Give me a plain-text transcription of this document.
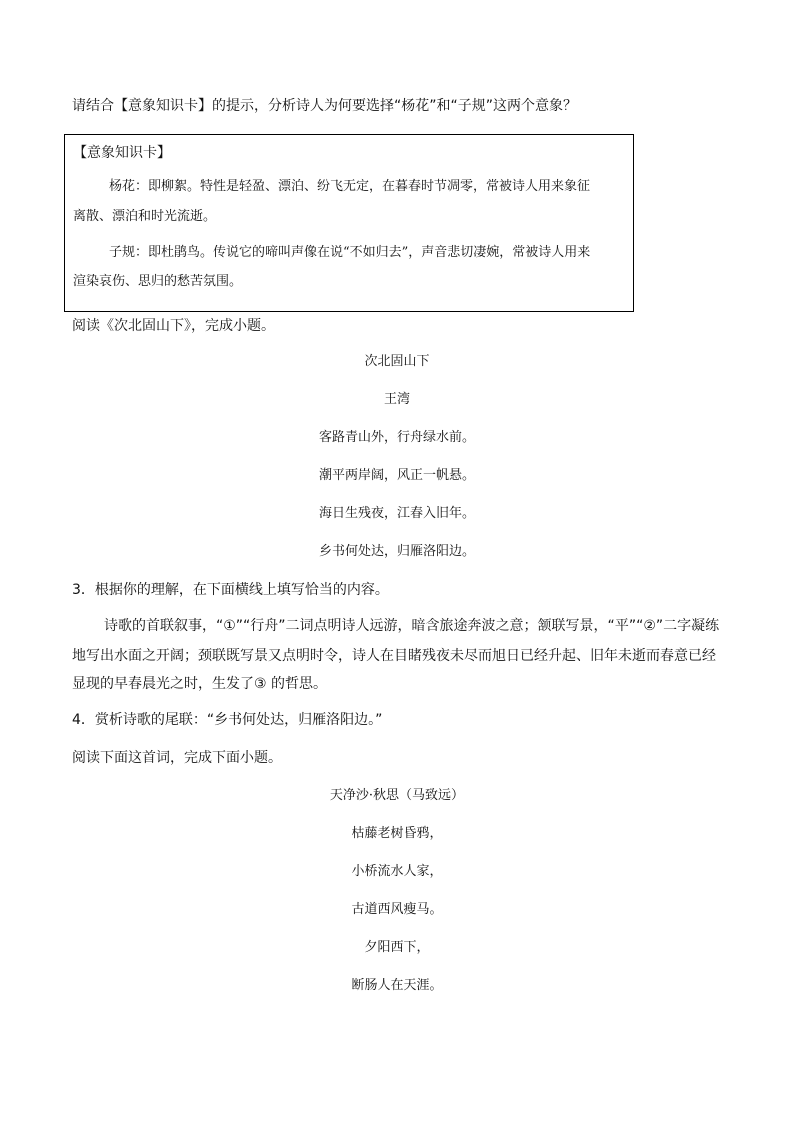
请结合【意象知识卡】的提示，分析诗人为何要选择“杨花”和“子规”这两个意象？
【意象知识卡】
杨花：即柳絮。特性是轻盈、漂泊、纷飞无定，在暮春时节凋零，常被诗人用来象征
离散、漂泊和时光流逝。
子规：即杜鹃鸟。传说它的啼叫声像在说“不如归去”，声音悲切凄婉，常被诗人用来
渲染哀伤、思归的愁苦氛围。
阅读《次北固山下》，完成小题。
次北固山下
王湾
客路青山外，行舟绿水前。
潮平两岸阔，风正一帆悬。
海日生残夜，江春入旧年。
乡书何处达，归雁洛阳边。
3．根据你的理解，在下面横线上填写恰当的内容。
诗歌的首联叙事，“①”“行舟”二词点明诗人远游，暗含旅途奔波之意；颔联写景，“平”“②”二字凝练
地写出水面之开阔；颈联既写景又点明时令，诗人在目睹残夜未尽而旭日已经升起、旧年未逝而春意已经
显现的早春晨光之时，生发了③ 的哲思。
4．赏析诗歌的尾联：“乡书何处达，归雁洛阳边。”
阅读下面这首词，完成下面小题。
天净沙·秋思（马致远）
枯藤老树昏鸦，
小桥流水人家，
古道西风瘦马。
夕阳西下，
断肠人在天涯。
